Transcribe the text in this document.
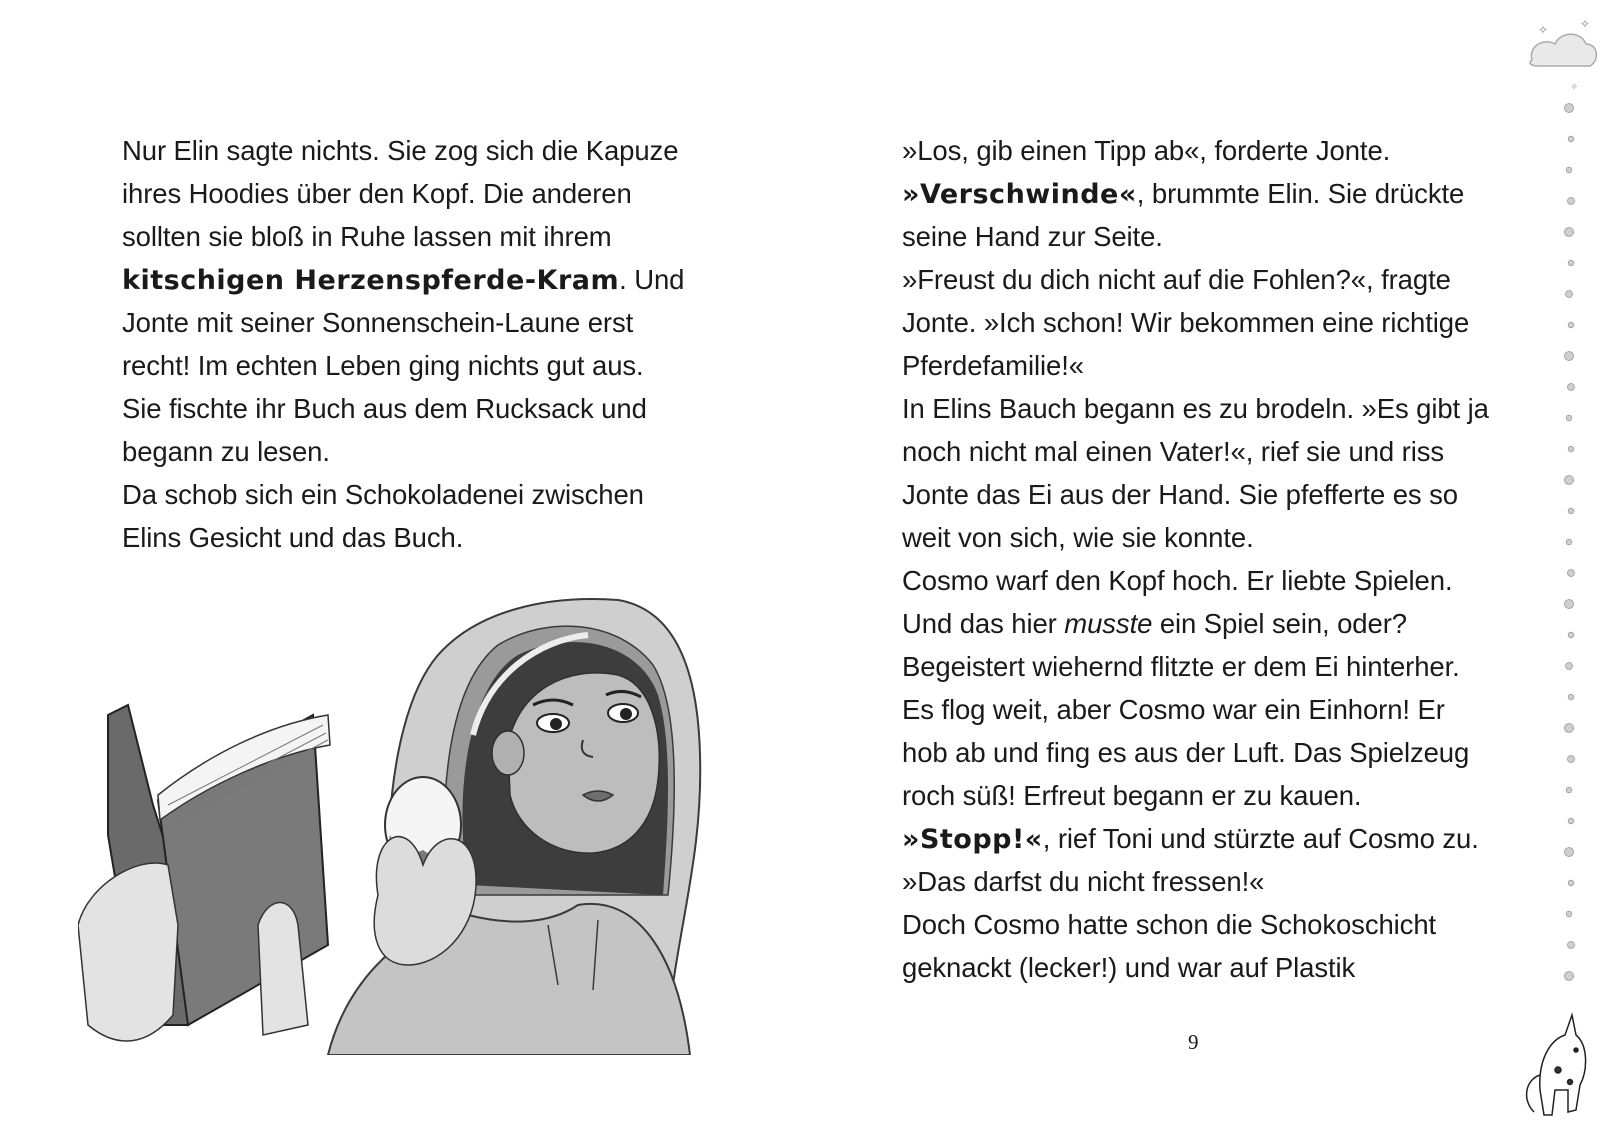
Nur Elin sagte nichts. Sie zog sich die Kapuze
ihres Hoodies über den Kopf. Die anderen
sollten sie bloß in Ruhe lassen mit ihrem
kitschigen Herzenspferde-Kram. Und
Jonte mit seiner Sonnenschein-Laune erst
recht! Im echten Leben ging nichts gut aus.
Sie fischte ihr Buch aus dem Rucksack und
begann zu lesen.
Da schob sich ein Schokoladenei zwischen
Elins Gesicht und das Buch.
»Los, gib einen Tipp ab«, forderte Jonte.
»Verschwinde«, brummte Elin. Sie drückte
seine Hand zur Seite.
»Freust du dich nicht auf die Fohlen?«, fragte
Jonte. »Ich schon! Wir bekommen eine richtige
Pferdefamilie!«
In Elins Bauch begann es zu brodeln. »Es gibt ja
noch nicht mal einen Vater!«, rief sie und riss
Jonte das Ei aus der Hand. Sie pfefferte es so
weit von sich, wie sie konnte.
Cosmo warf den Kopf hoch. Er liebte Spielen.
Und das hier musste ein Spiel sein, oder?
Begeistert wiehernd flitzte er dem Ei hinterher.
Es flog weit, aber Cosmo war ein Einhorn! Er
hob ab und fing es aus der Luft. Das Spielzeug
roch süß! Erfreut begann er zu kauen.
»Stopp!«, rief Toni und stürzte auf Cosmo zu.
»Das darfst du nicht fressen!«
Doch Cosmo hatte schon die Schokoschicht
geknackt (lecker!) und war auf Plastik
9
✧	✧
✧
